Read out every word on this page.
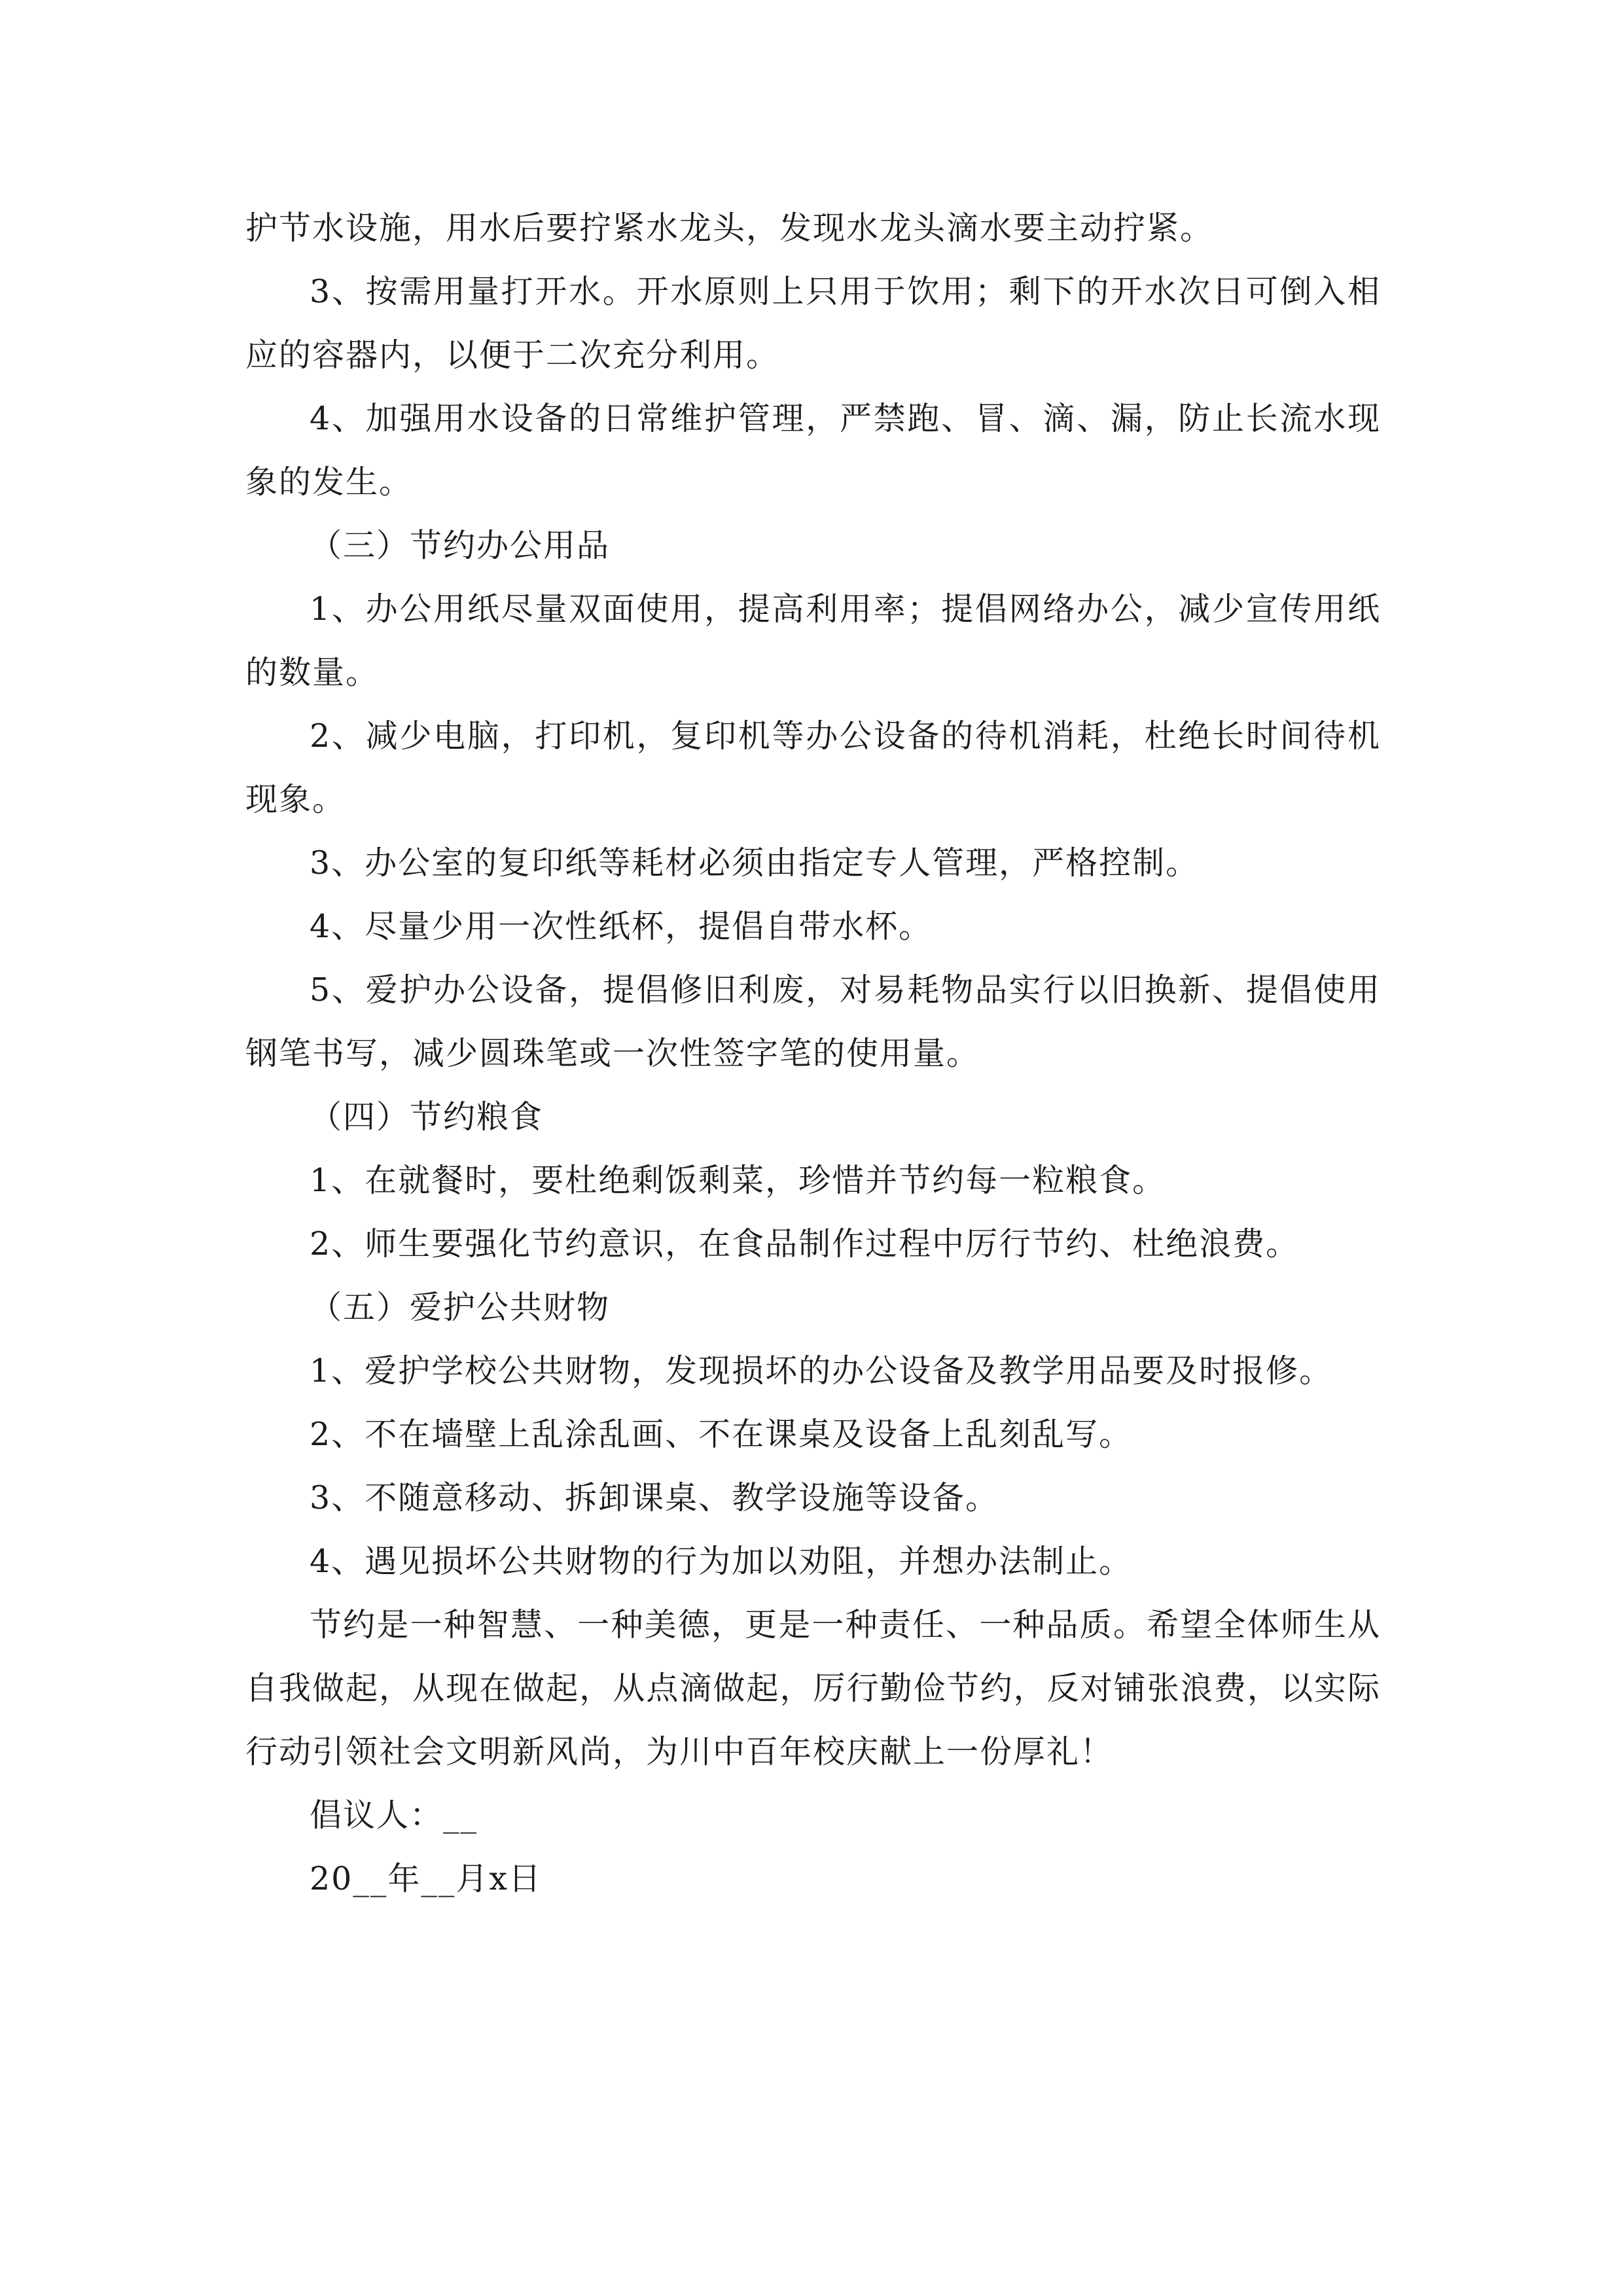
护节水设施，用水后要拧紧水龙头，发现水龙头滴水要主动拧紧。

3、按需用量打开水。开水原则上只用于饮用；剩下的开水次日可倒入相应的容器内，以便于二次充分利用。

4、加强用水设备的日常维护管理，严禁跑、冒、滴、漏，防止长流水现象的发生。

（三）节约办公用品

1、办公用纸尽量双面使用，提高利用率；提倡网络办公，减少宣传用纸的数量。

2、减少电脑，打印机，复印机等办公设备的待机消耗，杜绝长时间待机现象。

3、办公室的复印纸等耗材必须由指定专人管理，严格控制。

4、尽量少用一次性纸杯，提倡自带水杯。

5、爱护办公设备，提倡修旧利废，对易耗物品实行以旧换新、提倡使用钢笔书写，减少圆珠笔或一次性签字笔的使用量。

（四）节约粮食

1、在就餐时，要杜绝剩饭剩菜，珍惜并节约每一粒粮食。

2、师生要强化节约意识，在食品制作过程中厉行节约、杜绝浪费。

（五）爱护公共财物

1、爱护学校公共财物，发现损坏的办公设备及教学用品要及时报修。

2、不在墙壁上乱涂乱画、不在课桌及设备上乱刻乱写。

3、不随意移动、拆卸课桌、教学设施等设备。

4、遇见损坏公共财物的行为加以劝阻，并想办法制止。

节约是一种智慧、一种美德，更是一种责任、一种品质。希望全体师生从自我做起，从现在做起，从点滴做起，厉行勤俭节约，反对铺张浪费，以实际行动引领社会文明新风尚，为川中百年校庆献上一份厚礼！

倡议人：__

20__年__月x日
